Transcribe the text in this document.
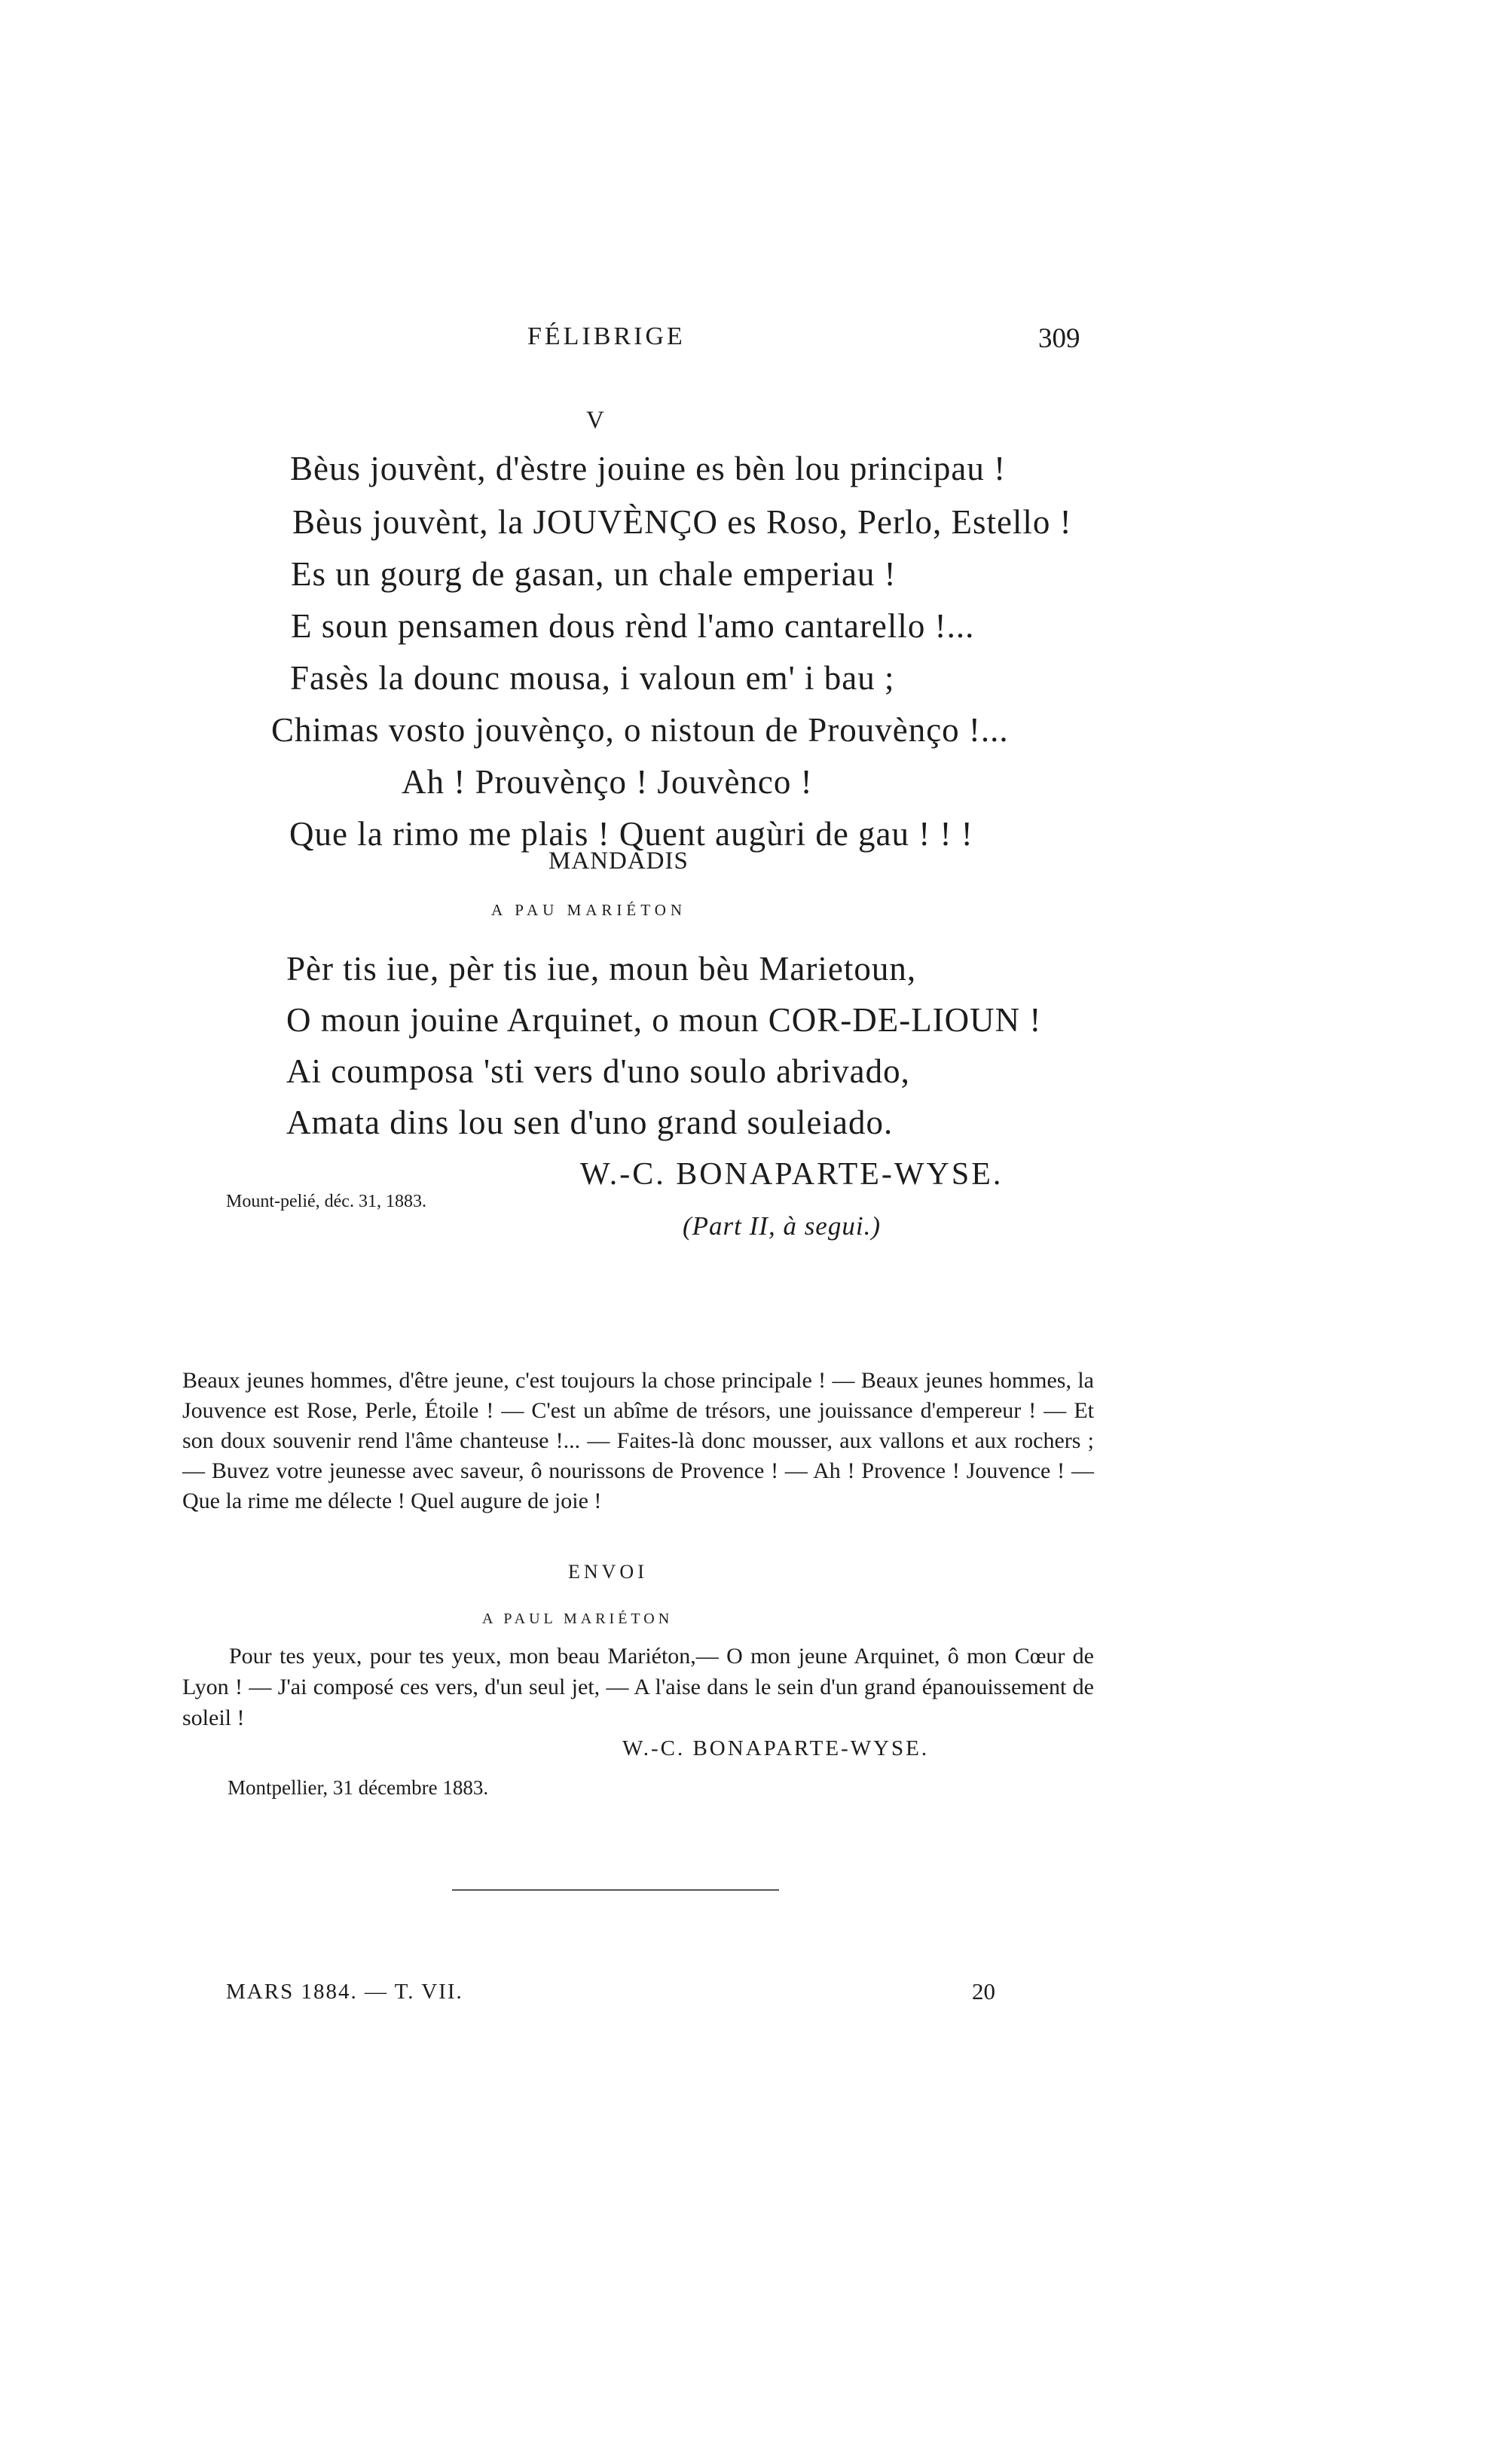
FÉLIBRIGE	309
V
Bèus jouvènt, d'èstre jouine es bèn lou principau !
Bèus jouvènt, la JOUVÈNÇO es Roso, Perlo, Estello !
Es un gourg de gasan, un chale emperiau !
E soun pensamen dous rènd l'amo cantarello !...
Fasès la dounc mousa, i valoun em' i bau ;
Chimas vosto jouvènço, o nistoun de Prouvènço !...
Ah ! Prouvènço ! Jouvènco !
Que la rimo me plais ! Quent augùri de gau ! ! !
MANDADIS
A PAU MARIÉTON
Pèr tis iue, pèr tis iue, moun bèu Marietoun,
O moun jouine Arquinet, o moun COR-DE-LIOUN !
Ai coumposa 'sti vers d'uno soulo abrivado,
Amata dins lou sen d'uno grand souleiado.
W.-C. BONAPARTE-WYSE.
Mount-pelié, déc. 31, 1883.
(Part II, à segui.)
Beaux jeunes hommes, d'être jeune, c'est toujours la chose principale ! — Beaux jeunes hommes, la Jouvence est Rose, Perle, Étoile ! — C'est un abîme de trésors, une jouissance d'empereur ! — Et son doux souvenir rend l'âme chanteuse !... — Faites-là donc mousser, aux vallons et aux rochers ; — Buvez votre jeunesse avec saveur, ô nourissons de Provence ! — Ah ! Provence ! Jouvence ! — Que la rime me délecte ! Quel augure de joie !
ENVOI
A PAUL MARIÉTON
Pour tes yeux, pour tes yeux, mon beau Mariéton,— O mon jeune Arquinet, ô mon Cœur de Lyon ! — J'ai composé ces vers, d'un seul jet, — A l'aise dans le sein d'un grand épanouissement de soleil !
W.-C. BONAPARTE-WYSE.
Montpellier, 31 décembre 1883.
MARS 1884. — T. VII.	20
